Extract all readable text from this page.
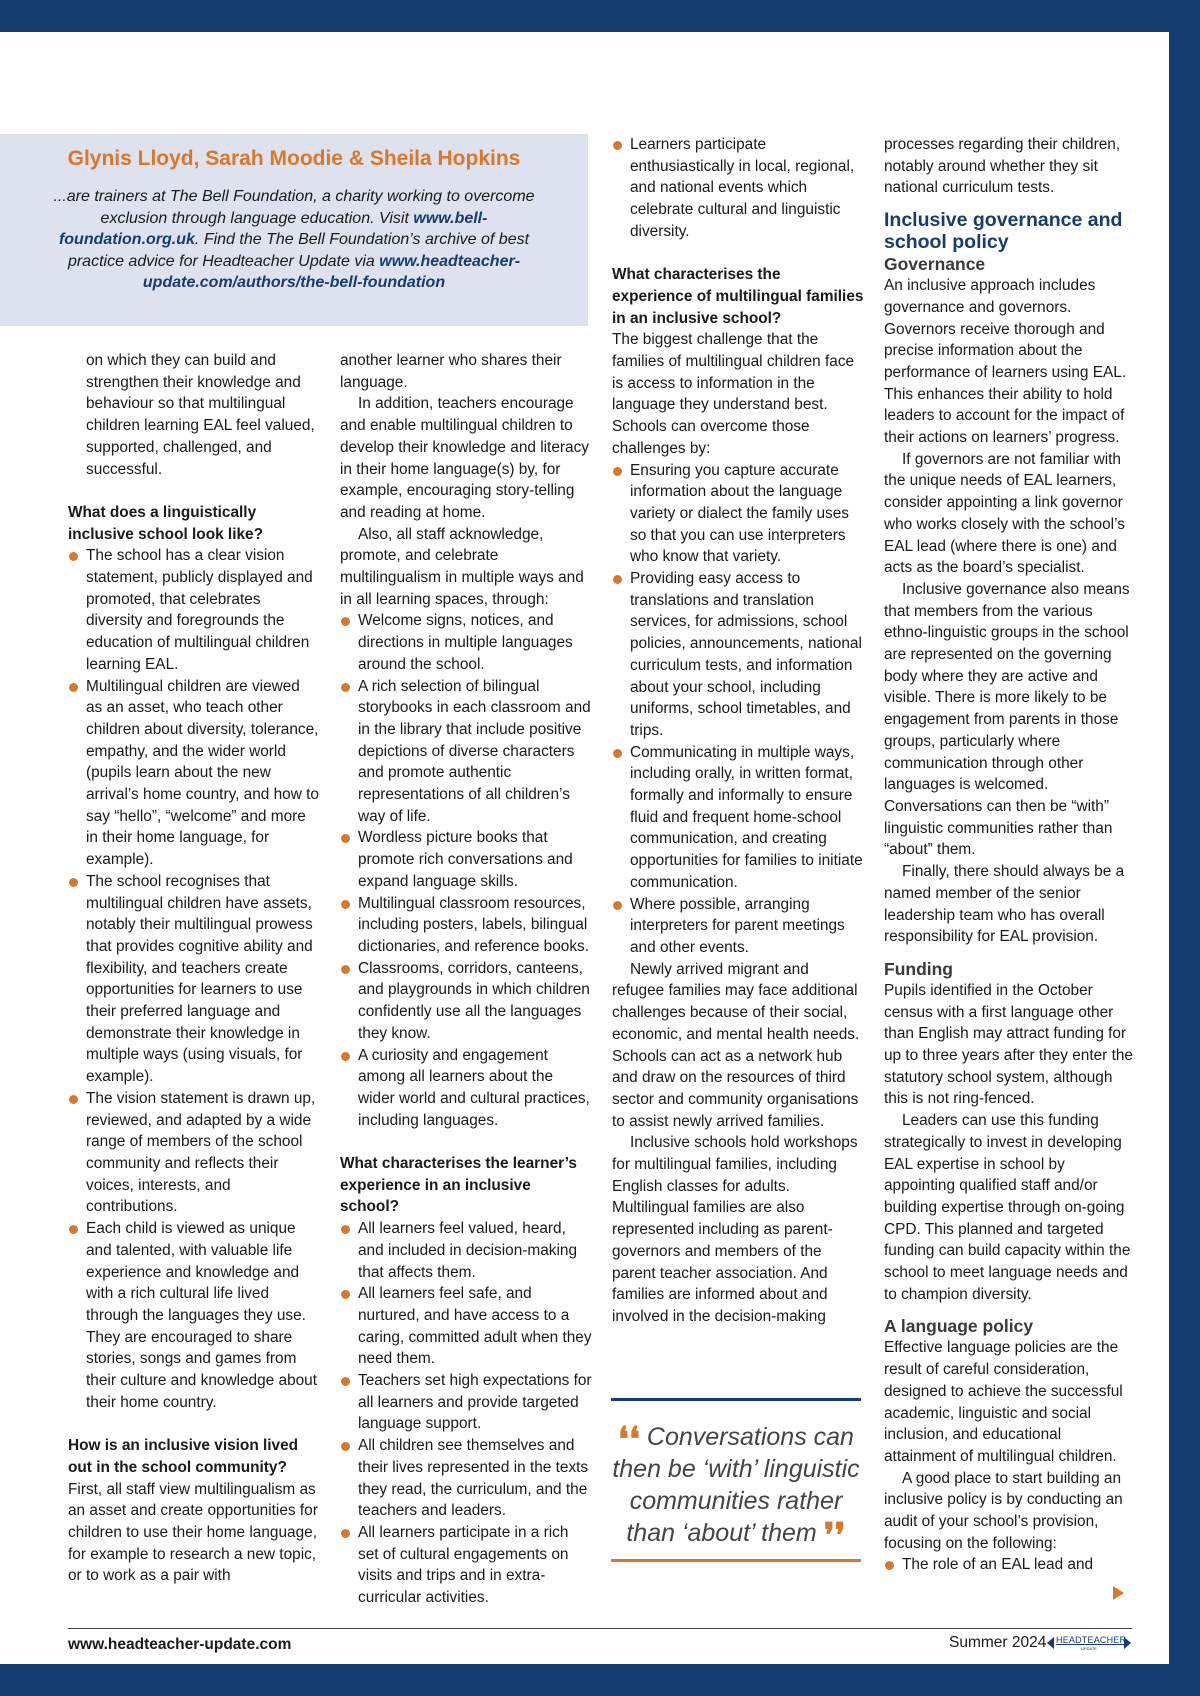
Glynis Lloyd, Sarah Moodie & Sheila Hopkins

...are trainers at The Bell Foundation, a charity working to overcome exclusion through language education. Visit www.bell-foundation.org.uk. Find the The Bell Foundation’s archive of best practice advice for Headteacher Update via www.headteacher-update.com/authors/the-bell-foundation

on which they can build and strengthen their knowledge and behaviour so that multilingual children learning EAL feel valued, supported, challenged, and successful.

What does a linguistically inclusive school look like?
The school has a clear vision statement, publicly displayed and promoted, that celebrates diversity and foregrounds the education of multilingual children learning EAL.
Multilingual children are viewed as an asset, who teach other children about diversity, tolerance, empathy, and the wider world (pupils learn about the new arrival’s home country, and how to say “hello”, “welcome” and more in their home language, for example).
The school recognises that multilingual children have assets, notably their multilingual prowess that provides cognitive ability and flexibility, and teachers create opportunities for learners to use their preferred language and demonstrate their knowledge in multiple ways (using visuals, for example).
The vision statement is drawn up, reviewed, and adapted by a wide range of members of the school community and reflects their voices, interests, and contributions.
Each child is viewed as unique and talented, with valuable life experience and knowledge and with a rich cultural life lived through the languages they use. They are encouraged to share stories, songs and games from their culture and knowledge about their home country.
How is an inclusive vision lived out in the school community?

First, all staff view multilingualism as an asset and create opportunities for children to use their home language, for example to research a new topic, or to work as a pair with

another learner who shares their language.

In addition, teachers encourage and enable multilingual children to develop their knowledge and literacy in their home language(s) by, for example, encouraging story-telling and reading at home.

Also, all staff acknowledge, promote, and celebrate multilingualism in multiple ways and in all learning spaces, through:

Welcome signs, notices, and directions in multiple languages around the school.
A rich selection of bilingual storybooks in each classroom and in the library that include positive depictions of diverse characters and promote authentic representations of all children’s way of life.
Wordless picture books that promote rich conversations and expand language skills.
Multilingual classroom resources, including posters, labels, bilingual dictionaries, and reference books.
Classrooms, corridors, canteens, and playgrounds in which children confidently use all the languages they know.
A curiosity and engagement among all learners about the wider world and cultural practices, including languages.
What characterises the learner’s experience in an inclusive school?
All learners feel valued, heard, and included in decision-making that affects them.
All learners feel safe, and nurtured, and have access to a caring, committed adult when they need them.
Teachers set high expectations for all learners and provide targeted language support.
All children see themselves and their lives represented in the texts they read, the curriculum, and the teachers and leaders.
All learners participate in a rich set of cultural engagements on visits and trips and in extra-curricular activities.
Learners participate enthusiastically in local, regional, and national events which celebrate cultural and linguistic diversity.
What characterises the experience of multilingual families in an inclusive school?

The biggest challenge that the families of multilingual children face is access to information in the language they understand best. Schools can overcome those challenges by:

Ensuring you capture accurate information about the language variety or dialect the family uses so that you can use interpreters who know that variety.
Providing easy access to translations and translation services, for admissions, school policies, announcements, national curriculum tests, and information about your school, including uniforms, school timetables, and trips.
Communicating in multiple ways, including orally, in written format, formally and informally to ensure fluid and frequent home-school communication, and creating opportunities for families to initiate communication.
Where possible, arranging interpreters for parent meetings and other events.

Newly arrived migrant and refugee families may face additional challenges because of their social, economic, and mental health needs. Schools can act as a network hub and draw on the resources of third sector and community organisations to assist newly arrived families.

Inclusive schools hold workshops for multilingual families, including English classes for adults. Multilingual families are also represented including as parent-governors and members of the parent teacher association. And families are informed about and involved in the decision-making

❛❛ Conversations can then be ‘with’ linguistic communities rather than ‘about’ them ❜❜

processes regarding their children, notably around whether they sit national curriculum tests.

Inclusive governance and school policy

Governance

An inclusive approach includes governance and governors. Governors receive thorough and precise information about the performance of learners using EAL. This enhances their ability to hold leaders to account for the impact of their actions on learners’ progress.

If governors are not familiar with the unique needs of EAL learners, consider appointing a link governor who works closely with the school’s EAL lead (where there is one) and acts as the board’s specialist.

Inclusive governance also means that members from the various ethno-linguistic groups in the school are represented on the governing body where they are active and visible. There is more likely to be engagement from parents in those groups, particularly where communication through other languages is welcomed. Conversations can then be “with” linguistic communities rather than “about” them.

Finally, there should always be a named member of the senior leadership team who has overall responsibility for EAL provision.

Funding

Pupils identified in the October census with a first language other than English may attract funding for up to three years after they enter the statutory school system, although this is not ring-fenced.

Leaders can use this funding strategically to invest in developing EAL expertise in school by appointing qualified staff and/or building expertise through on-going CPD. This planned and targeted funding can build capacity within the school to meet language needs and to champion diversity.

A language policy

Effective language policies are the result of careful consideration, designed to achieve the successful academic, linguistic and social inclusion, and educational attainment of multilingual children.

A good place to start building an inclusive policy is by conducting an audit of your school’s provision, focusing on the following:

The role of an EAL lead and
www.headteacher-update.com	Summer 2024 HEADTEACHER
UPDATE
